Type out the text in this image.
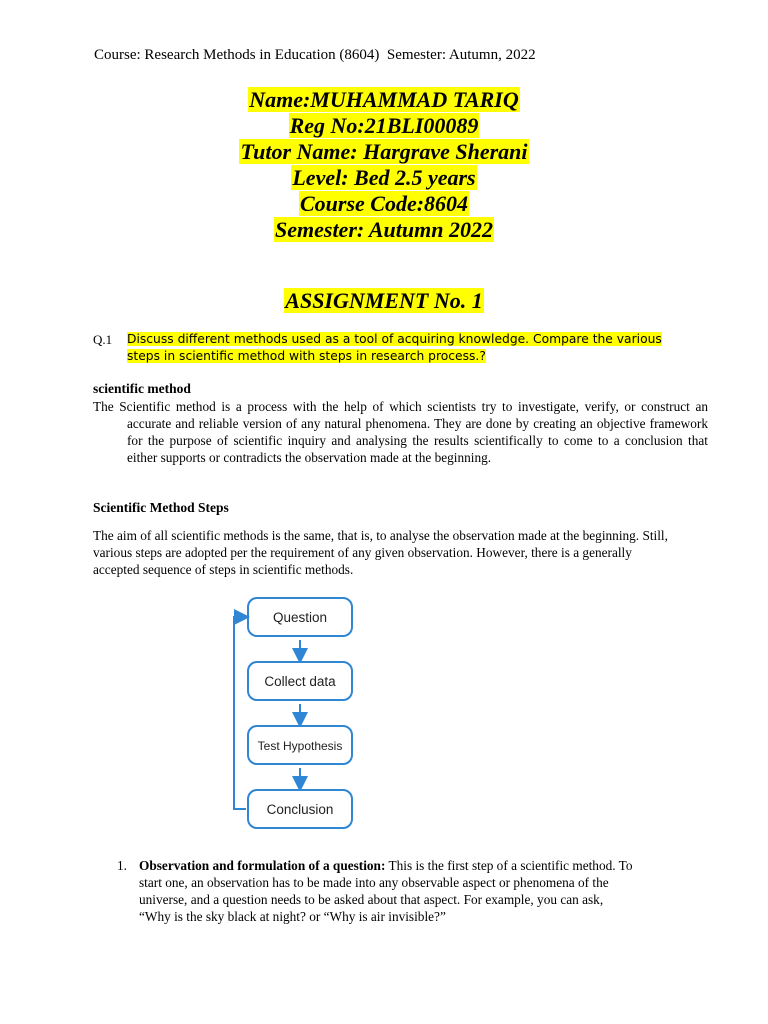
Course: Research Methods in Education (8604)  Semester: Autumn, 2022
Name:MUHAMMAD TARIQ
Reg No:21BLI00089
Tutor Name: Hargrave Sherani
Level: Bed 2.5 years
Course Code:8604
Semester: Autumn 2022
ASSIGNMENT No. 1
Q.1 Discuss different methods used as a tool of acquiring knowledge. Compare the various steps in scientific method with steps in research process.?
scientific method
The Scientific method is a process with the help of which scientists try to investigate, verify, or construct an accurate and reliable version of any natural phenomena. They are done by creating an objective framework for the purpose of scientific inquiry and analysing the results scientifically to come to a conclusion that either supports or contradicts the observation made at the beginning.
Scientific Method Steps
The aim of all scientific methods is the same, that is, to analyse the observation made at the beginning. Still, various steps are adopted per the requirement of any given observation. However, there is a generally accepted sequence of steps in scientific methods.
Question
Collect data
Test Hypothesis
Conclusion
1. Observation and formulation of a question: This is the first step of a scientific method. To start one, an observation has to be made into any observable aspect or phenomena of the universe, and a question needs to be asked about that aspect. For example, you can ask, “Why is the sky black at night? or “Why is air invisible?”
